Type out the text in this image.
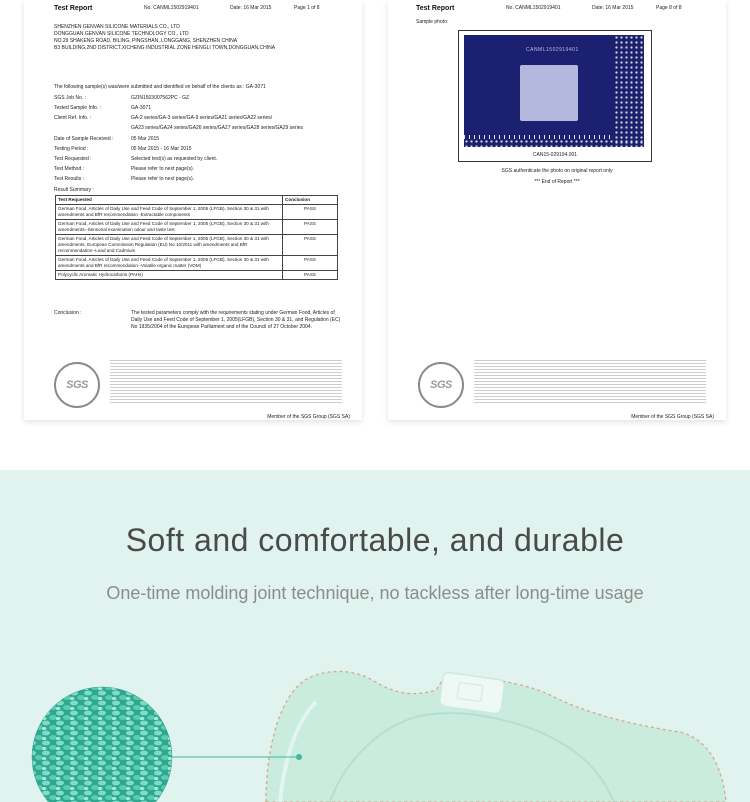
Test Report	No. CANML1502919401	Date: 16 Mar 2015	Page 1 of 8
SHENZHEN GENVAN SILICONE MATERIALS CO., LTD
DONGGUAN GENVAN SILICONE TECHNOLOGY CO., LTD
NO.29 SHAKENG ROAD, BILING, PINGSHAN, LONGGANG, SHENZHEN CHINA
B3 BUILDING,2ND DISTRICT,XICHENG INDUSTRIAL ZONE HENGLI TOWN,DONGGUAN,CHINA
The following sample(s) was/were submitted and identified on behalf of the clients as : GA-3071
SGS Job No. :	GZIN1503007562PC - GZ
Tested Sample Info. :	GA-3071
Client Ref. Info. :	GA-2 series/GA-3 series/GA-9 series/GA21 series/GA22 series/
GA23 series/GA24 series/GA26 series/GA27 series/GA28 series/GA29 series
Date of Sample Received :	05 Mar 2015
Testing Period :	05 Mar 2015 - 16 Mar 2015
Test Requested :	Selected test(s) as requested by client.
Test Method :	Please refer to next page(s).
Test Results :	Please refer to next page(s).
Result Summary :
Test Requested	Conclusion
German Food, Articles of Daily Use and Feed Code of September 1, 2005 (LFGB), Section 30 & 31 with amendments and BfR recommendation -Extractable components	PASS
German Food, Articles of Daily Use and Feed Code of September 1, 2005 (LFGB), Section 30 & 31 with amendments--Sensorial examination odour and taste test	PASS
German Food, Articles of Daily Use and Feed Code of September 1, 2005 (LFGB), Section 30 & 31 with amendments, European Commission Regulation (EU) No 10/2011 with amendments and BfR recommendation--Lead and Cadmium	PASS
German Food, Articles of Daily Use and Feed Code of September 1, 2005 (LFGB), Section 30 & 31 with amendments and BfR recommendation--Volatile organic matter (VOM)	PASS
Polycyclic Aromatic Hydrocarbons (PAHs)	PASS
Conclusion :	The tested parameters comply with the requirements stating under German Food, Articles of Daily Use and Feed Code of September 1, 2005(LFGB), Section 30 & 31, and Regulation (EC) No 1935/2004 of the European Parliament and of the Council of 27 October 2004.
SGS
Member of the SGS Group (SGS SA)
Test Report	No. CANML1502919401	Date: 16 Mar 2015	Page 8 of 8
Sample photo:
CANML1502919401
CAN15-029194.001
SGS authenticate the photo on original report only
*** End of Report ***
SGS
Member of the SGS Group (SGS SA)
Soft and comfortable, and durable
One-time molding joint technique, no tackless after long-time usage
